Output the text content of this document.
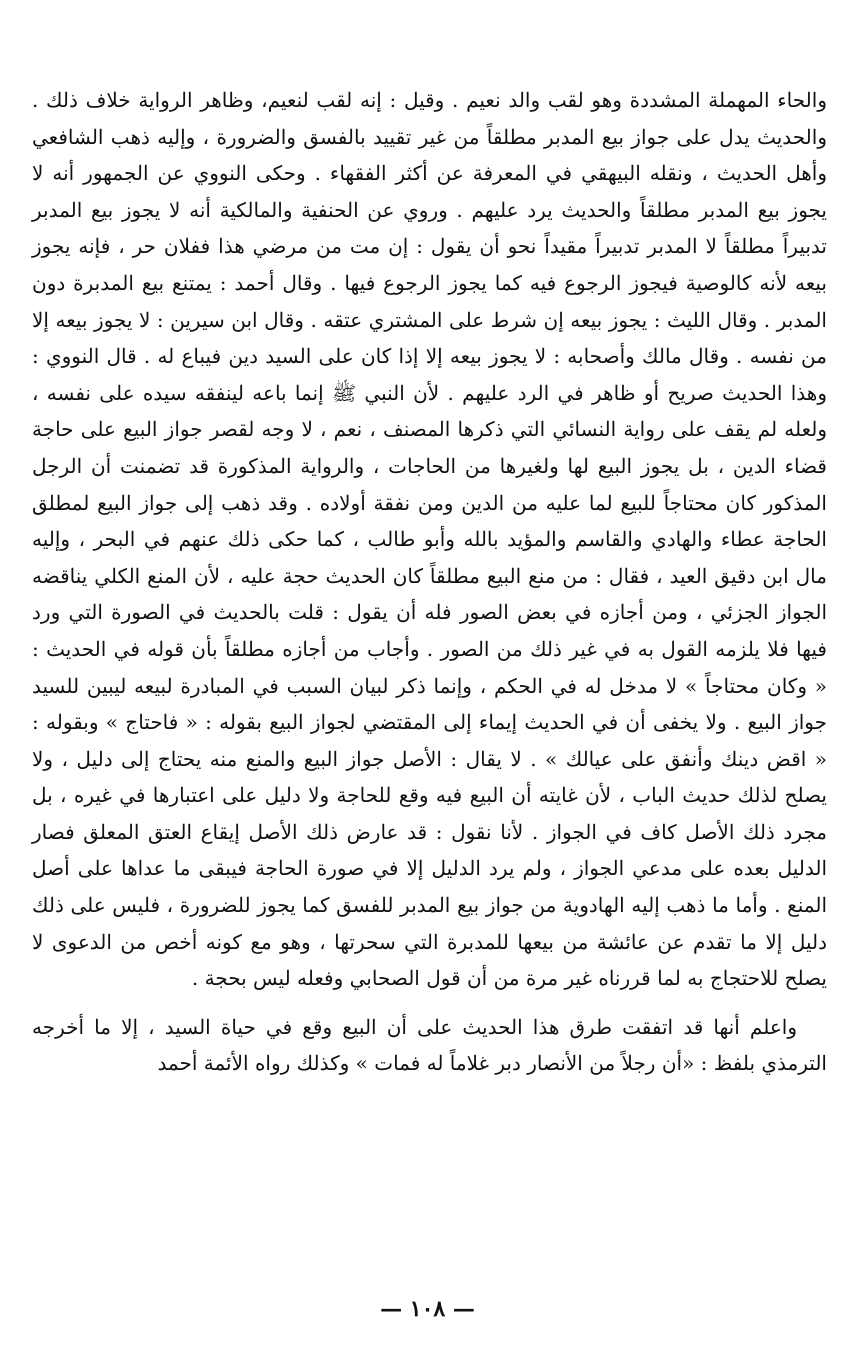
والحاء المهملة المشددة وهو لقب والد نعيم . وقيل : إنه لقب لنعيم، وظاهر الرواية خلاف ذلك . والحديث يدل على جواز بيع المدبر مطلقاً من غير تقييد بالفسق والضرورة ، وإليه ذهب الشافعي وأهل الحديث ، ونقله البيهقي في المعرفة عن أكثر الفقهاء . وحكى النووي عن الجمهور أنه لا يجوز بيع المدبر مطلقاً والحديث يرد عليهم . وروي عن الحنفية والمالكية أنه لا يجوز بيع المدبر تدبيراً مطلقاً لا المدبر تدبيراً مقيداً نحو أن يقول : إن مت من مرضي هذا ففلان حر ، فإنه يجوز بيعه لأنه كالوصية فيجوز الرجوع فيه كما يجوز الرجوع فيها . وقال أحمد : يمتنع بيع المدبرة دون المدبر . وقال الليث : يجوز بيعه إن شرط على المشتري عتقه . وقال ابن سيرين : لا يجوز بيعه إلا من نفسه . وقال مالك وأصحابه : لا يجوز بيعه إلا إذا كان على السيد دين فيباع له . قال النووي : وهذا الحديث صريح أو ظاهر في الرد عليهم . لأن النبي ﷺ إنما باعه لينفقه سيده على نفسه ، ولعله لم يقف على رواية النسائي التي ذكرها المصنف ، نعم ، لا وجه لقصر جواز البيع على حاجة قضاء الدين ، بل يجوز البيع لها ولغيرها من الحاجات ، والرواية المذكورة قد تضمنت أن الرجل المذكور كان محتاجاً للبيع لما عليه من الدين ومن نفقة أولاده . وقد ذهب إلى جواز البيع لمطلق الحاجة عطاء والهادي والقاسم والمؤيد بالله وأبو طالب ، كما حكى ذلك عنهم في البحر ، وإليه مال ابن دقيق العيد ، فقال : من منع البيع مطلقاً كان الحديث حجة عليه ، لأن المنع الكلي يناقضه الجواز الجزئي ، ومن أجازه في بعض الصور فله أن يقول : قلت بالحديث في الصورة التي ورد فيها فلا يلزمه القول به في غير ذلك من الصور . وأجاب من أجازه مطلقاً بأن قوله في الحديث : « وكان محتاجاً » لا مدخل له في الحكم ، وإنما ذكر لبيان السبب في المبادرة لبيعه ليبين للسيد جواز البيع . ولا يخفى أن في الحديث إيماء إلى المقتضي لجواز البيع بقوله : « فاحتاج » وبقوله : « اقض دينك وأنفق على عيالك » . لا يقال : الأصل جواز البيع والمنع منه يحتاج إلى دليل ، ولا يصلح لذلك حديث الباب ، لأن غايته أن البيع فيه وقع للحاجة ولا دليل على اعتبارها في غيره ، بل مجرد ذلك الأصل كاف في الجواز . لأنا نقول : قد عارض ذلك الأصل إيقاع العتق المعلق فصار الدليل بعده على مدعي الجواز ، ولم يرد الدليل إلا في صورة الحاجة فيبقى ما عداها على أصل المنع . وأما ما ذهب إليه الهادوية من جواز بيع المدبر للفسق كما يجوز للضرورة ، فليس على ذلك دليل إلا ما تقدم عن عائشة من بيعها للمدبرة التي سحرتها ، وهو مع كونه أخص من الدعوى لا يصلح للاحتجاج به لما قررناه غير مرة من أن قول الصحابي وفعله ليس بحجة .

واعلم أنها قد اتفقت طرق هذا الحديث على أن البيع وقع في حياة السيد ، إلا ما أخرجه الترمذي بلفظ : «أن رجلاً من الأنصار دبر غلاماً له فمات » وكذلك رواه الأئمة أحمد

— ١٠٨ —
